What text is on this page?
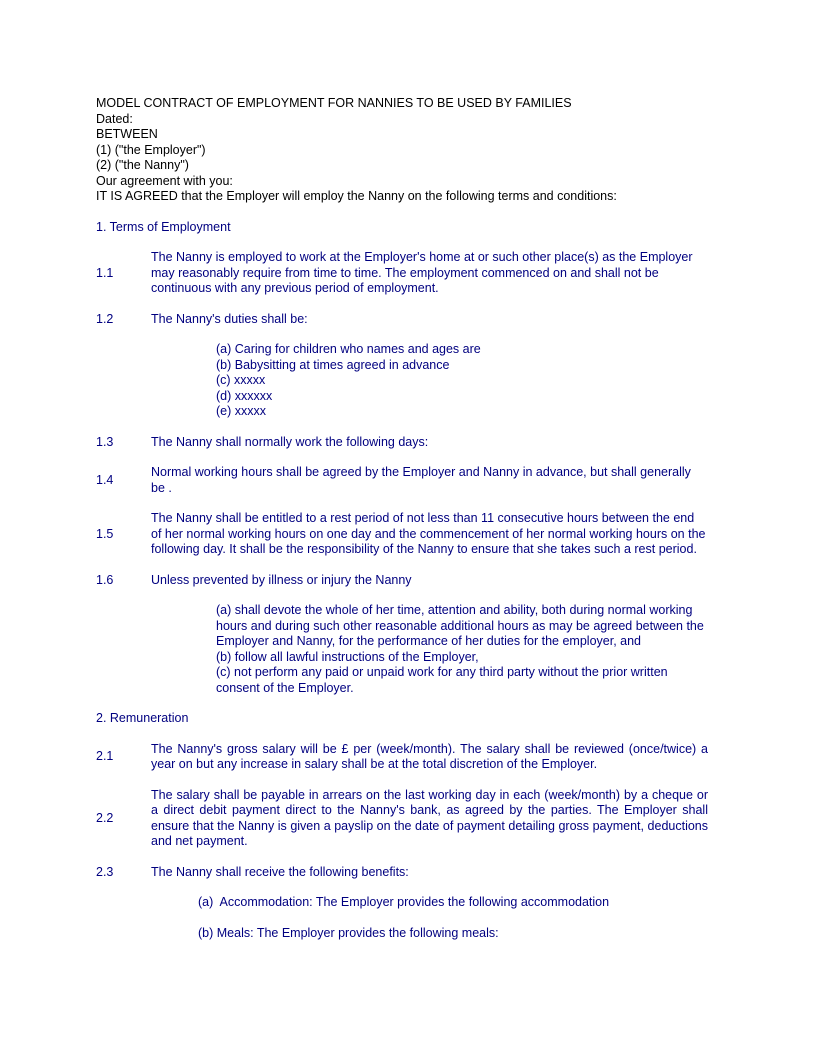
MODEL CONTRACT OF EMPLOYMENT FOR NANNIES TO BE USED BY FAMILIES
Dated:
BETWEEN
(1) ("the Employer")
(2) ("the Nanny")
Our agreement with you:
IT IS AGREED that the Employer will employ the Nanny on the following terms and conditions:
1. Terms of Employment
1.1
The Nanny is employed to work at the Employer's home at or such other place(s) as the Employer may reasonably require from time to time. The employment commenced on and shall not be continuous with any previous period of employment.
1.2	The Nanny's duties shall be:
(a) Caring for children who names and ages are
(b) Babysitting at times agreed in advance
(c) xxxxx
(d) xxxxxx
(e) xxxxx
1.3	The Nanny shall normally work the following days:
1.4
Normal working hours shall be agreed by the Employer and Nanny in advance, but shall generally be .
1.5
The Nanny shall be entitled to a rest period of not less than 11 consecutive hours between the end of her normal working hours on one day and the commencement of her normal working hours on the following day. It shall be the responsibility of the Nanny to ensure that she takes such a rest period.
1.6	Unless prevented by illness or injury the Nanny
(a) shall devote the whole of her time, attention and ability, both during normal working hours and during such other reasonable additional hours as may be agreed between the Employer and Nanny, for the performance of her duties for the employer, and
(b) follow all lawful instructions of the Employer,
(c) not perform any paid or unpaid work for any third party without the prior written consent of the Employer.
2. Remuneration
2.1
The Nanny's gross salary will be £ per (week/month). The salary shall be reviewed (once/twice) a year on but any increase in salary shall be at the total discretion of the Employer.
2.2
The salary shall be payable in arrears on the last working day in each (week/month) by a cheque or a direct debit payment direct to the Nanny's bank, as agreed by the parties. The Employer shall ensure that the Nanny is given a payslip on the date of payment detailing gross payment, deductions and net payment.
2.3	The Nanny shall receive the following benefits:
(a)  Accommodation: The Employer provides the following accommodation
(b) Meals: The Employer provides the following meals:
